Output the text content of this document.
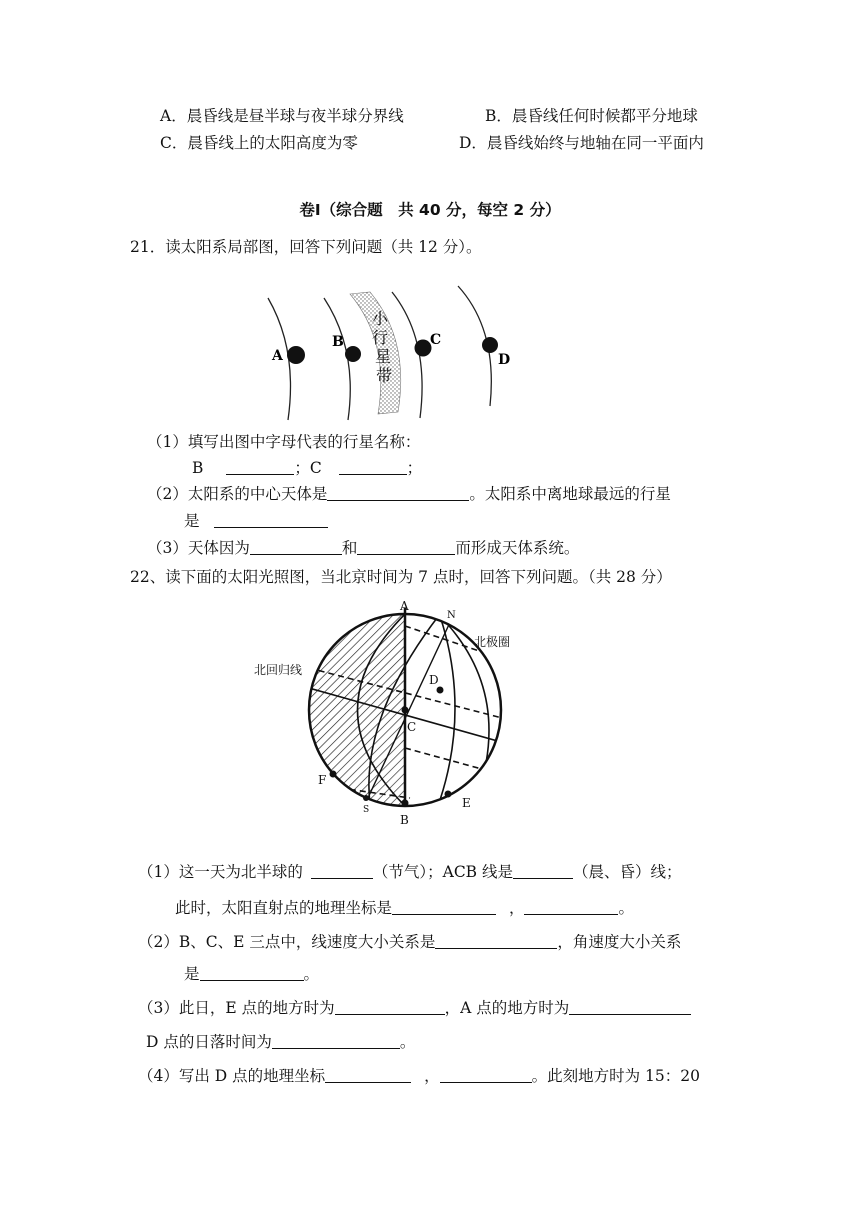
A．晨昏线是昼半球与夜半球分界线	B．晨昏线任何时候都平分地球
C．晨昏线上的太阳高度为零	D．晨昏线始终与地轴在同一平面内
卷Ⅰ（综合题　共 40 分，每空 2 分）
21．读太阳系局部图，回答下列问题（共 12 分）。
A
B	C
D
小
行
星
带
（1）填写出图中字母代表的行星名称：
B	；C	；
（2）太阳系的中心天体是	。太阳系中离地球最远的行星
是
（3）天体因为	和	而形成天体系统。
22、读下面的太阳光照图，当北京时间为 7 点时，回答下列问题。（共 28 分）
A
N
北极圈
北回归线
D
C
F
S
B
E
（1）这一天为北半球的	（节气）；ACB 线是	（晨、昏）线；
此时，太阳直射点的地理坐标是	，	。
（2）B、C、E 三点中，线速度大小关系是	，角速度大小关系
是	。
（3）此日，E 点的地方时为	，A 点的地方时为
D 点的日落时间为	。
（4）写出 D 点的地理坐标	，	。此刻地方时为 15：20
